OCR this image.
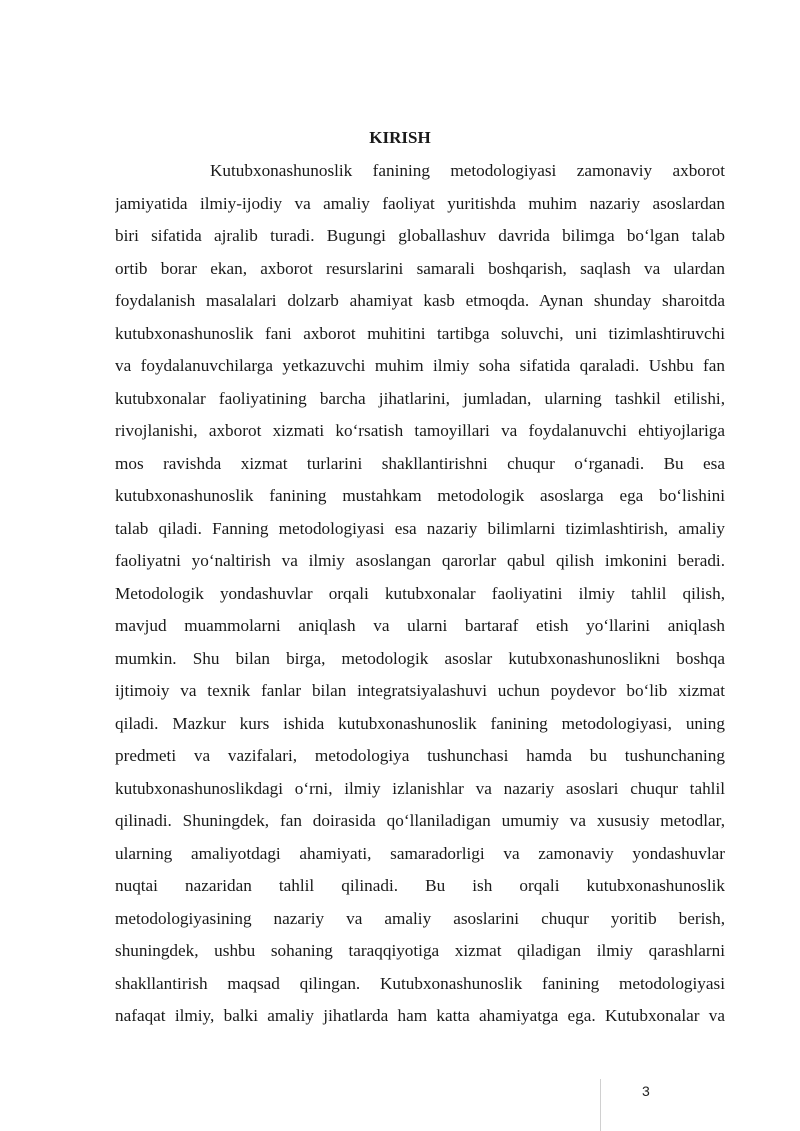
KIRISH
Kutubxonashunoslik fanining metodologiyasi zamonaviy axborot
jamiyatida ilmiy-ijodiy va amaliy faoliyat yuritishda muhim nazariy asoslardan
biri sifatida ajralib turadi. Bugungi globallashuv davrida bilimga bo‘lgan talab
ortib borar ekan, axborot resurslarini samarali boshqarish, saqlash va ulardan
foydalanish masalalari dolzarb ahamiyat kasb etmoqda. Aynan shunday sharoitda
kutubxonashunoslik fani axborot muhitini tartibga soluvchi, uni tizimlashtiruvchi
va foydalanuvchilarga yetkazuvchi muhim ilmiy soha sifatida qaraladi. Ushbu fan
kutubxonalar faoliyatining barcha jihatlarini, jumladan, ularning tashkil etilishi,
rivojlanishi, axborot xizmati ko‘rsatish tamoyillari va foydalanuvchi ehtiyojlariga
mos ravishda xizmat turlarini shakllantirishni chuqur o‘rganadi. Bu esa
kutubxonashunoslik fanining mustahkam metodologik asoslarga ega bo‘lishini
talab qiladi. Fanning metodologiyasi esa nazariy bilimlarni tizimlashtirish, amaliy
faoliyatni yo‘naltirish va ilmiy asoslangan qarorlar qabul qilish imkonini beradi.
Metodologik yondashuvlar orqali kutubxonalar faoliyatini ilmiy tahlil qilish,
mavjud muammolarni aniqlash va ularni bartaraf etish yo‘llarini aniqlash
mumkin. Shu bilan birga, metodologik asoslar kutubxonashunoslikni boshqa
ijtimoiy va texnik fanlar bilan integratsiyalashuvi uchun poydevor bo‘lib xizmat
qiladi. Mazkur kurs ishida kutubxonashunoslik fanining metodologiyasi, uning
predmeti va vazifalari, metodologiya tushunchasi hamda bu tushunchaning
kutubxonashunoslikdagi o‘rni, ilmiy izlanishlar va nazariy asoslari chuqur tahlil
qilinadi. Shuningdek, fan doirasida qo‘llaniladigan umumiy va xususiy metodlar,
ularning amaliyotdagi ahamiyati, samaradorligi va zamonaviy yondashuvlar
nuqtai nazaridan tahlil qilinadi. Bu ish orqali kutubxonashunoslik
metodologiyasining nazariy va amaliy asoslarini chuqur yoritib berish,
shuningdek, ushbu sohaning taraqqiyotiga xizmat qiladigan ilmiy qarashlarni
shakllantirish maqsad qilingan. Kutubxonashunoslik fanining metodologiyasi
nafaqat ilmiy, balki amaliy jihatlarda ham katta ahamiyatga ega. Kutubxonalar va
3
